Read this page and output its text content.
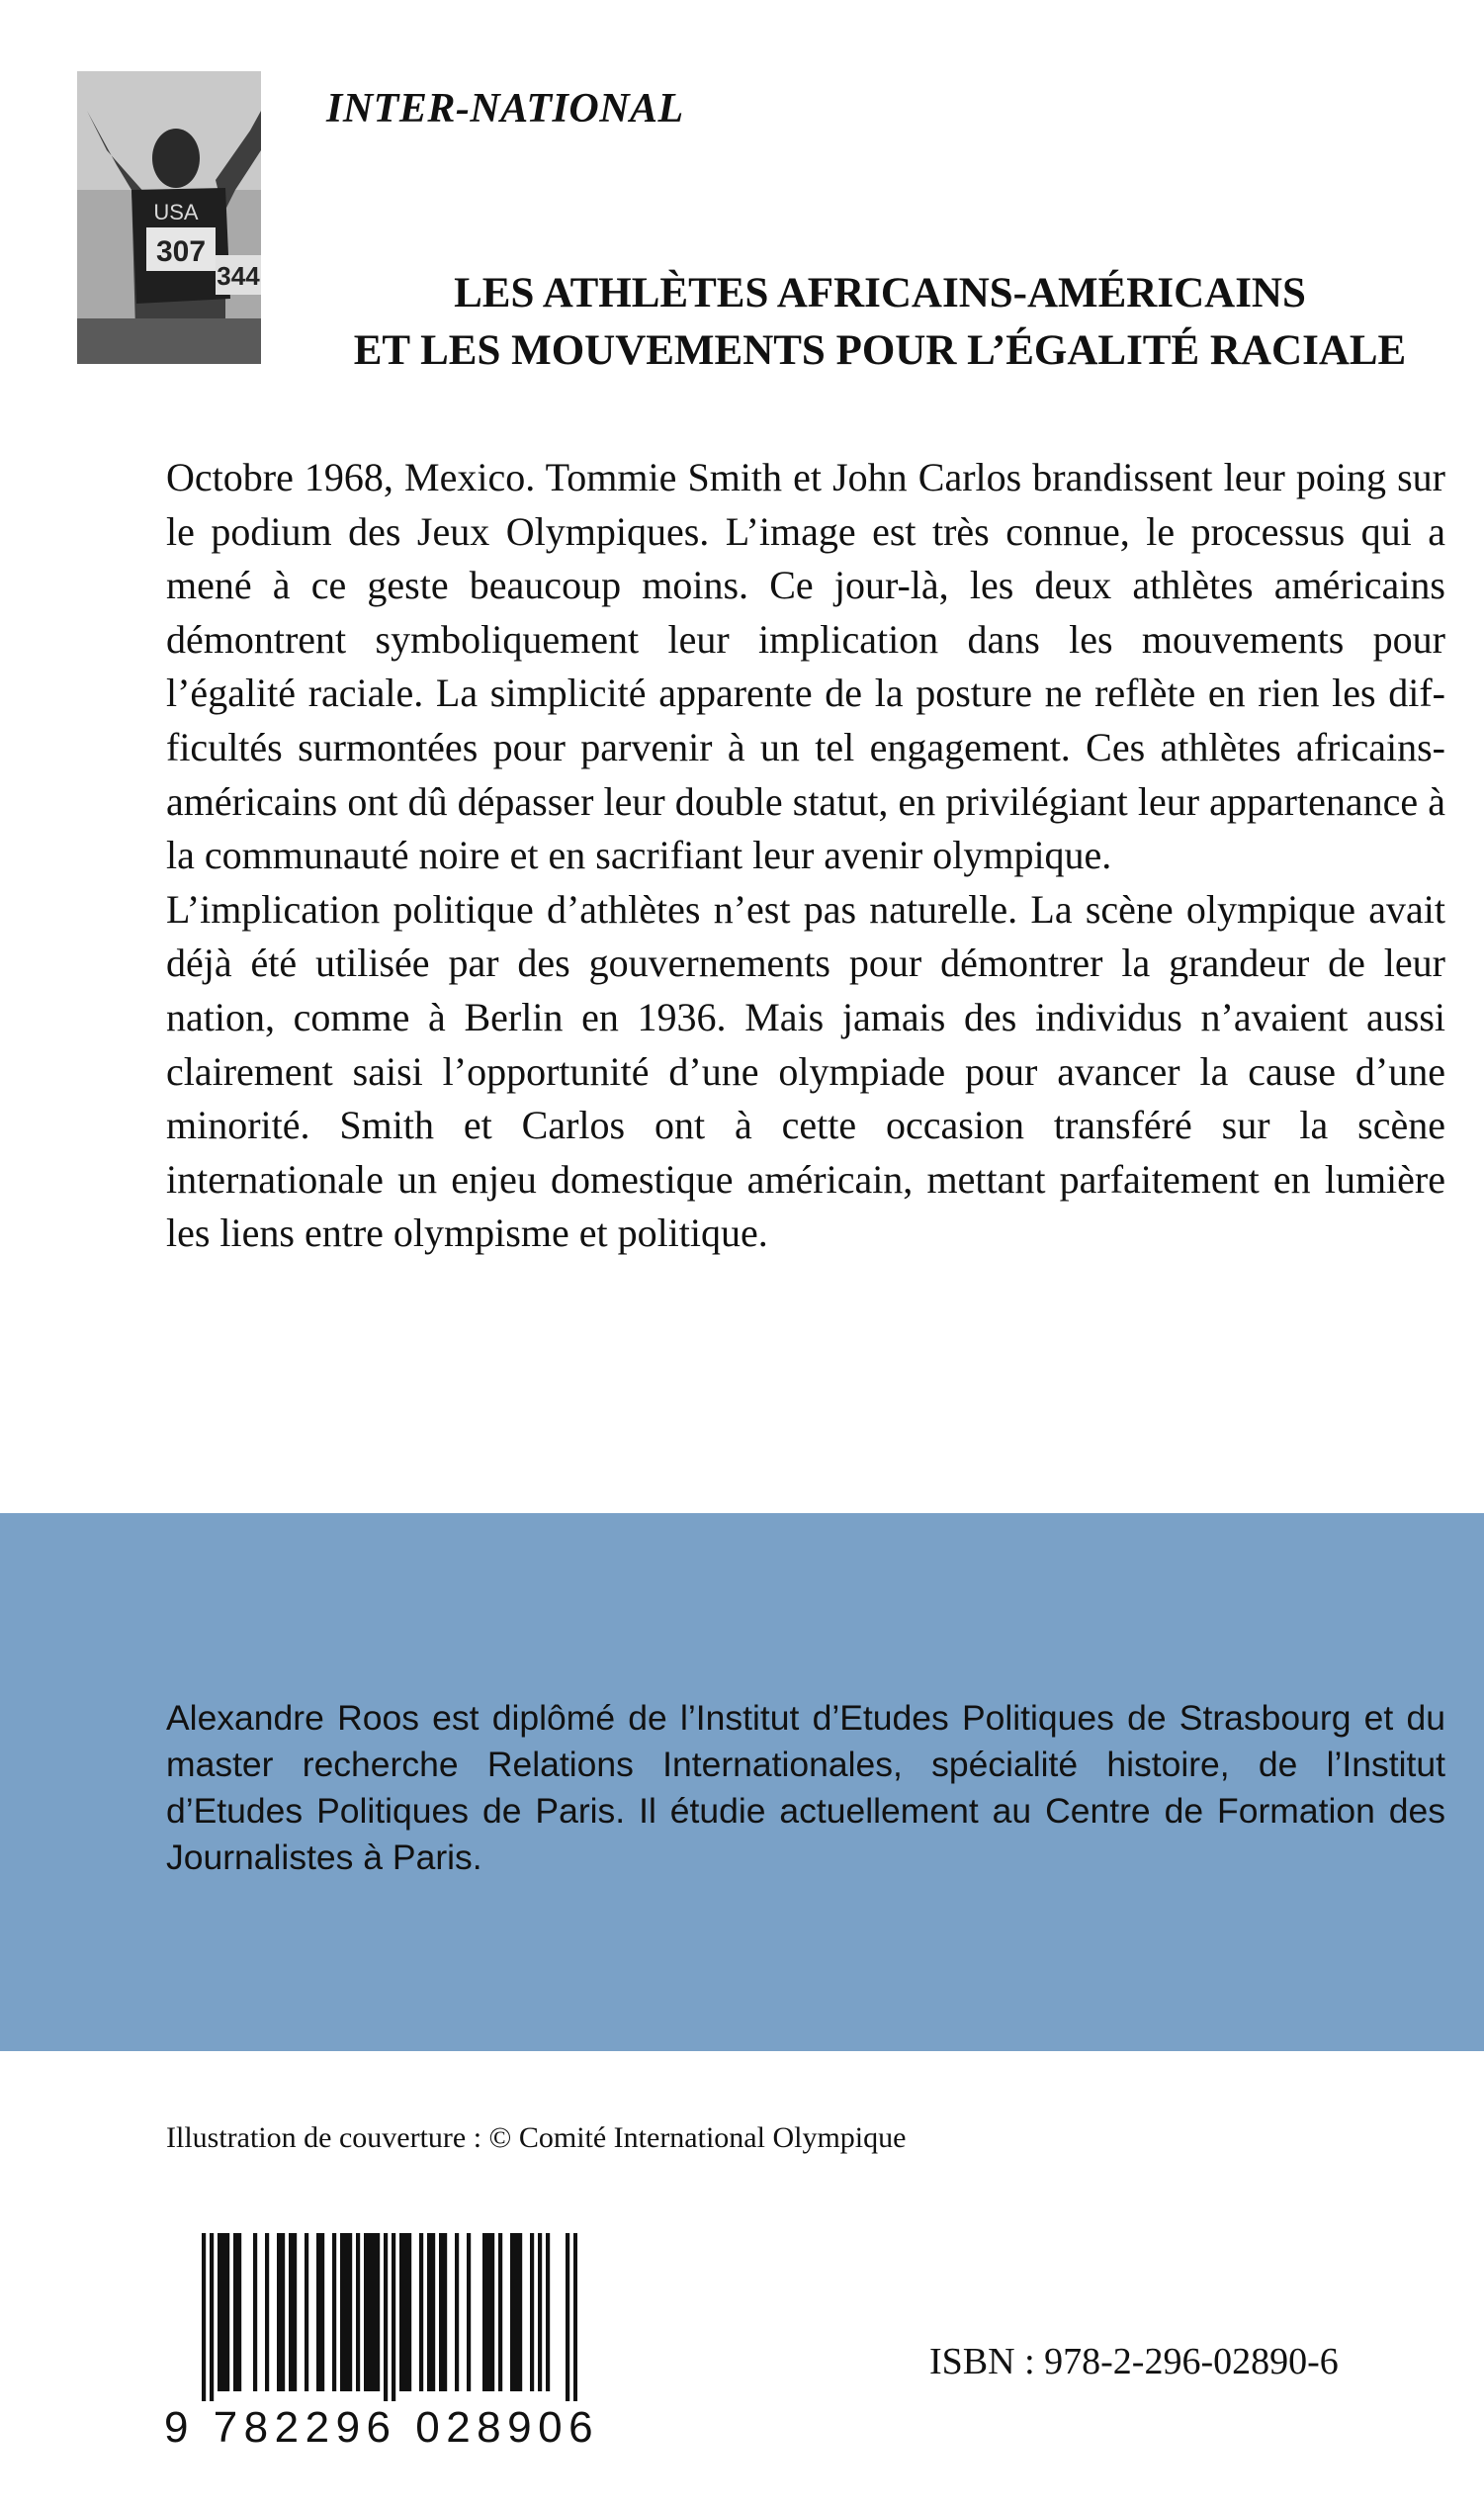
307
USA
344
INTER-NATIONAL
LES ATHLÈTES AFRICAINS-AMÉRICAINS
ET LES MOUVEMENTS POUR L’ÉGALITÉ RACIALE

Octobre 1968, Mexico. Tommie Smith et John Carlos brandissent leur poing sur le podium des Jeux Olympiques. L’image est très connue, le processus qui a mené à ce geste beaucoup moins. Ce jour-là, les deux athlètes américains démontrent symboliquement leur implication dans les mouvements pour l’égalité raciale. La simplicité apparente de la posture ne reflète en rien les difficultés surmontées pour parvenir à un tel engagement. Ces athlètes africains-américains ont dû dépasser leur double statut, en privilégiant leur appartenance à la communauté noire et en sacrifiant leur avenir olympique.

L’implication politique d’athlètes n’est pas naturelle. La scène olympique avait déjà été utilisée par des gouvernements pour démontrer la grandeur de leur nation, comme à Berlin en 1936. Mais jamais des individus n’avaient aussi clairement saisi l’opportunité d’une olympiade pour avancer la cause d’une minorité. Smith et Carlos ont à cette occasion transféré sur la scène internationale un enjeu domestique américain, mettant parfaitement en lumière les liens entre olympisme et politique.

Alexandre Roos est diplômé de l’Institut d’Etudes Politiques de Strasbourg et du master recherche Relations Internationales, spécialité histoire, de l’Institut d’Etudes Politiques de Paris. Il étudie actuellement au Centre de Formation des Journalistes à Paris.
Illustration de couverture : © Comité International Olympique
9 782296 028906
ISBN : 978-2-296-02890-6
